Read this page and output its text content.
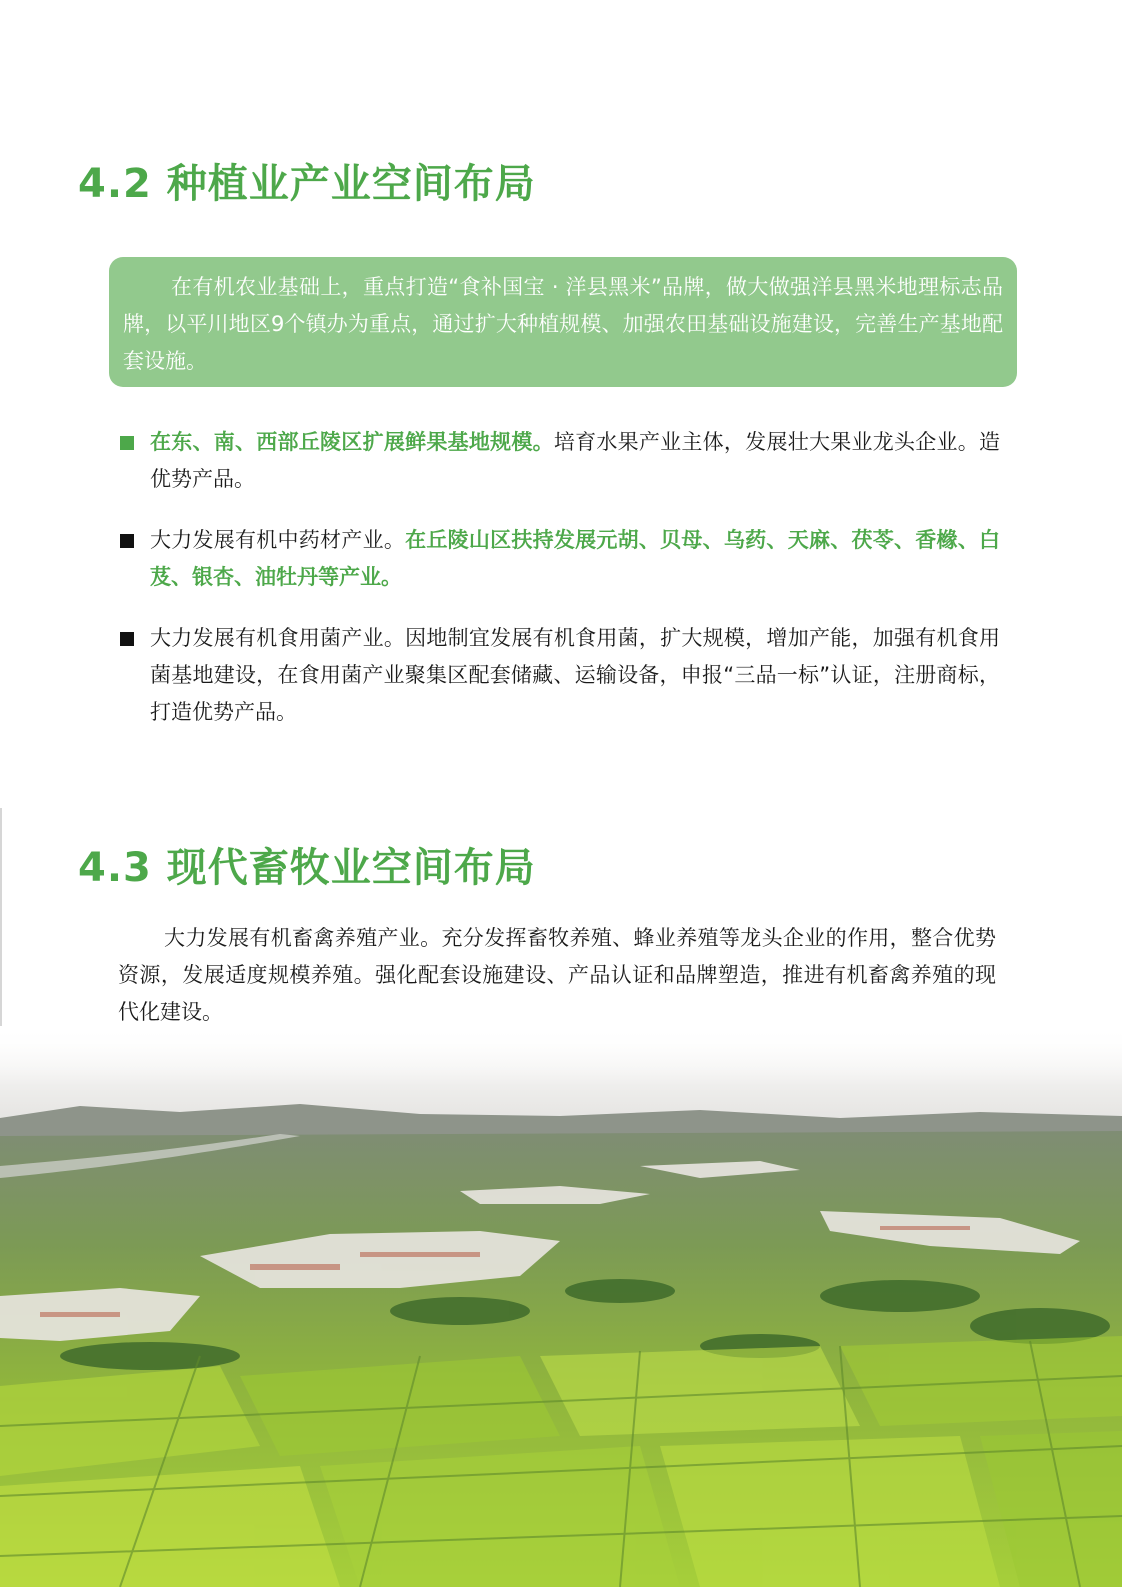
4.2 种植业产业空间布局
在有机农业基础上，重点打造“食补国宝 · 洋县黑米”品牌，做大做强洋县黑米地理标志品牌，以平川地区9个镇办为重点，通过扩大种植规模、加强农田基础设施建设，完善生产基地配套设施。
在东、南、西部丘陵区扩展鲜果基地规模。培育水果产业主体，发展壮大果业龙头企业。造优势产品。
大力发展有机中药材产业。在丘陵山区扶持发展元胡、贝母、乌药、天麻、茯苓、香橼、白芨、银杏、油牡丹等产业。
大力发展有机食用菌产业。因地制宜发展有机食用菌，扩大规模，增加产能，加强有机食用菌基地建设，在食用菌产业聚集区配套储藏、运输设备，申报“三品一标”认证，注册商标，打造优势产品。
4.3 现代畜牧业空间布局

大力发展有机畜禽养殖产业。充分发挥畜牧养殖、蜂业养殖等龙头企业的作用，整合优势资源，发展适度规模养殖。强化配套设施建设、产品认证和品牌塑造，推进有机畜禽养殖的现代化建设。
